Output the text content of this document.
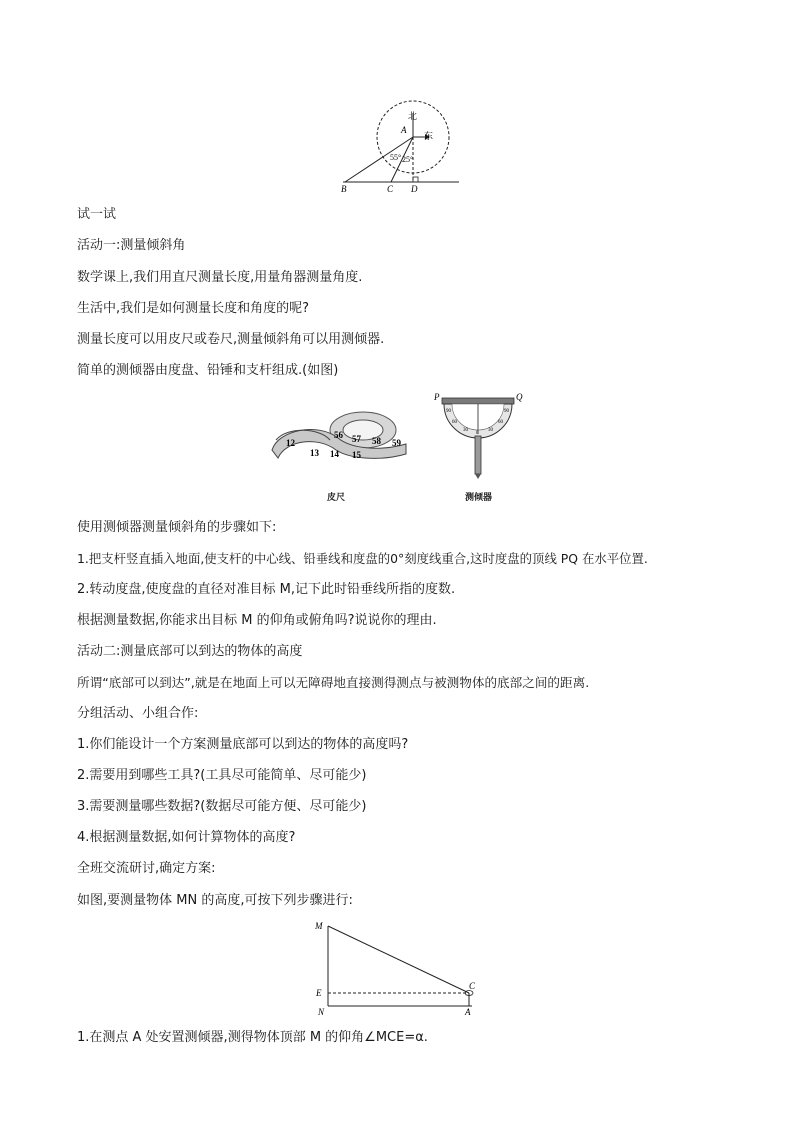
北
东
A
55° 25°
B	C D
试一试
活动一:测量倾斜角
数学课上,我们用直尺测量长度,用量角器测量角度.
生活中,我们是如何测量长度和角度的呢?
测量长度可以用皮尺或卷尺,测量倾斜角可以用测倾器.
简单的测倾器由度盘、铅锤和支杆组成.(如图)
12
13 14 15
56 57 58 59
皮尺
90
60
30
0
30
60
90
P	Q
测倾器
使用测倾器测量倾斜角的步骤如下:
1.把支杆竖直插入地面,使支杆的中心线、铅垂线和度盘的0°刻度线重合,这时度盘的顶线 PQ 在水平位置.
2.转动度盘,使度盘的直径对准目标 M,记下此时铅垂线所指的度数.
根据测量数据,你能求出目标 M 的仰角或俯角吗?说说你的理由.
活动二:测量底部可以到达的物体的高度
所谓“底部可以到达”,就是在地面上可以无障碍地直接测得测点与被测物体的底部之间的距离.
分组活动、小组合作:
1.你们能设计一个方案测量底部可以到达的物体的高度吗?
2.需要用到哪些工具?(工具尽可能简单、尽可能少)
3.需要测量哪些数据?(数据尽可能方便、尽可能少)
4.根据测量数据,如何计算物体的高度?
全班交流研讨,确定方案:
如图,要测量物体 MN 的高度,可按下列步骤进行:
M
E
N
C
A
1.在测点 A 处安置测倾器,测得物体顶部 M 的仰角∠MCE=α.
